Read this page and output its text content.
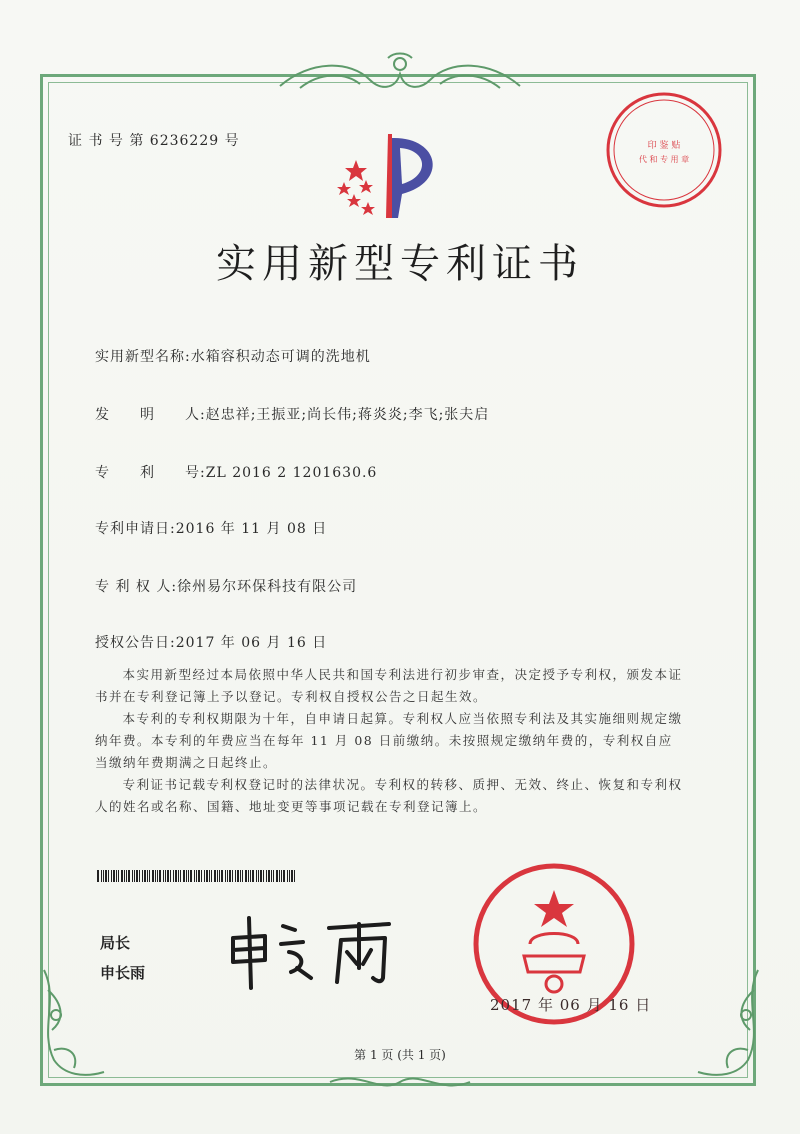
证 书 号 第 6236229 号	印 鉴 贴
代 和 专 用 章
实用新型专利证书
实用新型名称:水箱容积动态可调的洗地机
发　　明　　人:赵忠祥;王振亚;尚长伟;蒋炎炎;李飞;张夫启
专　　利　　号:ZL 2016 2 1201630.6
专利申请日:2016 年 11 月 08 日
专 利 权 人:徐州易尔环保科技有限公司
授权公告日:2017 年 06 月 16 日

本实用新型经过本局依照中华人民共和国专利法进行初步审查，决定授予专利权，颁发本证书并在专利登记簿上予以登记。专利权自授权公告之日起生效。

本专利的专利权期限为十年，自申请日起算。专利权人应当依照专利法及其实施细则规定缴纳年费。本专利的年费应当在每年 11 月 08 日前缴纳。未按照规定缴纳年费的，专利权自应当缴纳年费期满之日起终止。

专利证书记载专利权登记时的法律状况。专利权的转移、质押、无效、终止、恢复和专利权人的姓名或名称、国籍、地址变更等事项记载在专利登记簿上。

局长
申长雨
2017 年 06 月 16 日
第 1 页 (共 1 页)
